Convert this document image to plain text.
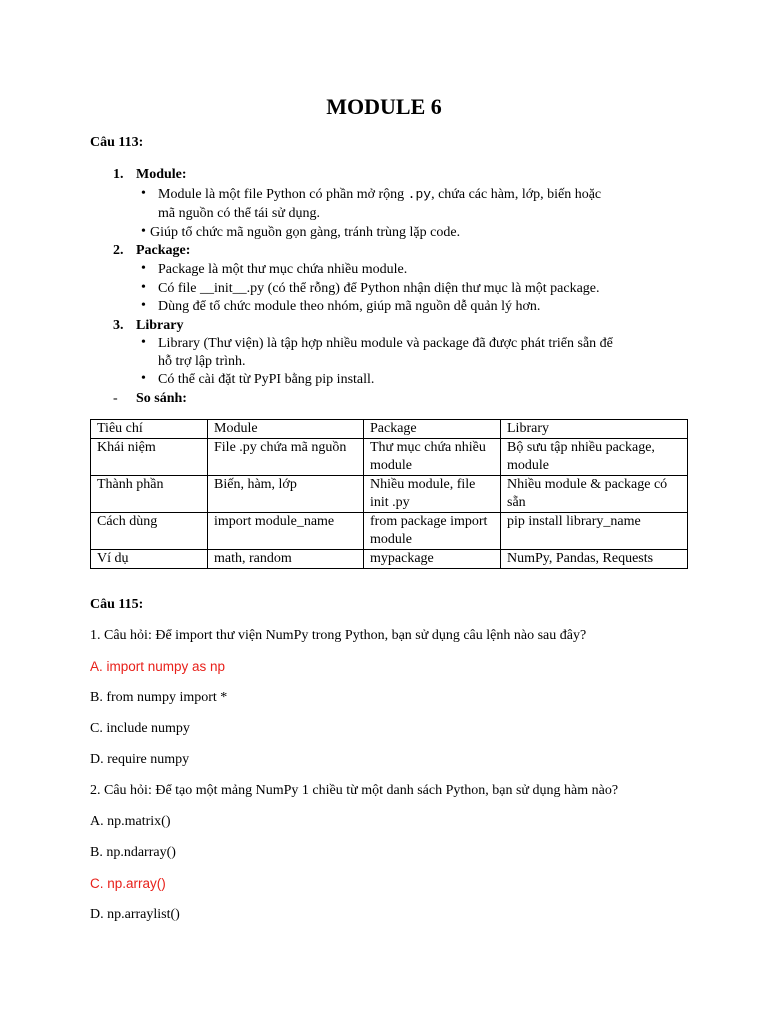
MODULE 6
Câu 113:
1. Module:
• Module là một file Python có phần mở rộng .py, chứa các hàm, lớp, biến hoặc
mã nguồn có thể tái sử dụng.
• Giúp tổ chức mã nguồn gọn gàng, tránh trùng lặp code.
2. Package:
• Package là một thư mục chứa nhiều module.
• Có file __init__.py (có thể rỗng) để Python nhận diện thư mục là một package.
• Dùng để tổ chức module theo nhóm, giúp mã nguồn dễ quản lý hơn.
3. Library
• Library (Thư viện) là tập hợp nhiều module và package đã được phát triển sẵn để
hỗ trợ lập trình.
• Có thể cài đặt từ PyPI bằng pip install.
- So sánh:
Tiêu chí	Module	Package	Library
Khái niệm	File .py chứa mã nguồn	Thư mục chứa nhiều module	Bộ sưu tập nhiều package, module
Thành phần	Biến, hàm, lớp	Nhiều module, file init .py	Nhiều module & package có sẵn
Cách dùng	import module_name	from package import module	pip install library_name
Ví dụ	math, random	mypackage	NumPy, Pandas, Requests
Câu 115:
1. Câu hỏi: Để import thư viện NumPy trong Python, bạn sử dụng câu lệnh nào sau đây?
A. import numpy as np
B. from numpy import *
C. include numpy
D. require numpy
2. Câu hỏi: Để tạo một mảng NumPy 1 chiều từ một danh sách Python, bạn sử dụng hàm nào?
A. np.matrix()
B. np.ndarray()
C. np.array()
D. np.arraylist()
